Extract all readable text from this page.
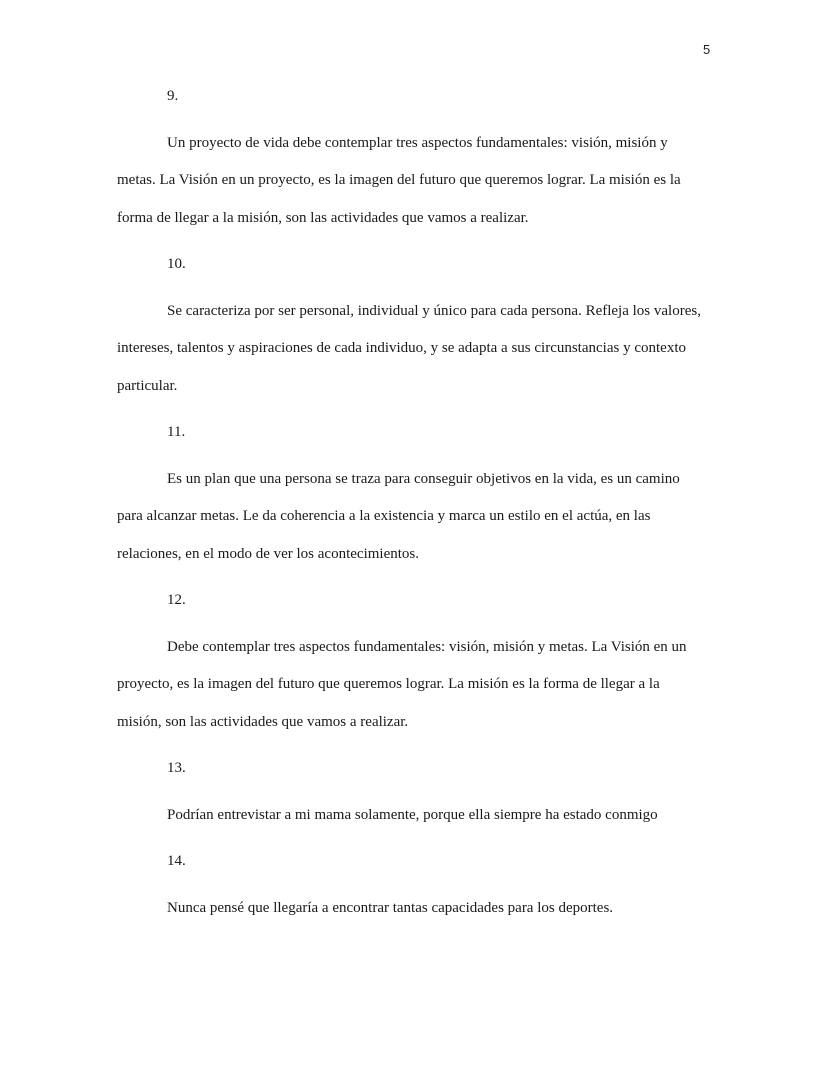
5
9.

Un proyecto de vida debe contemplar tres aspectos fundamentales: visión, misión y metas. La Visión en un proyecto, es la imagen del futuro que queremos lograr. La misión es la forma de llegar a la misión, son las actividades que vamos a realizar.

10.

Se caracteriza por ser personal, individual y único para cada persona. Refleja los valores, intereses, talentos y aspiraciones de cada individuo, y se adapta a sus circunstancias y contexto particular.

11.

Es un plan que una persona se traza para conseguir objetivos en la vida, es un camino para alcanzar metas. Le da coherencia a la existencia y marca un estilo en el actúa, en las relaciones, en el modo de ver los acontecimientos.

12.

Debe contemplar tres aspectos fundamentales: visión, misión y metas. La Visión en un proyecto, es la imagen del futuro que queremos lograr. La misión es la forma de llegar a la misión, son las actividades que vamos a realizar.

13.

Podrían entrevistar a mi mama solamente, porque ella siempre ha estado conmigo

14.

Nunca pensé que llegaría a encontrar tantas capacidades para los deportes.
